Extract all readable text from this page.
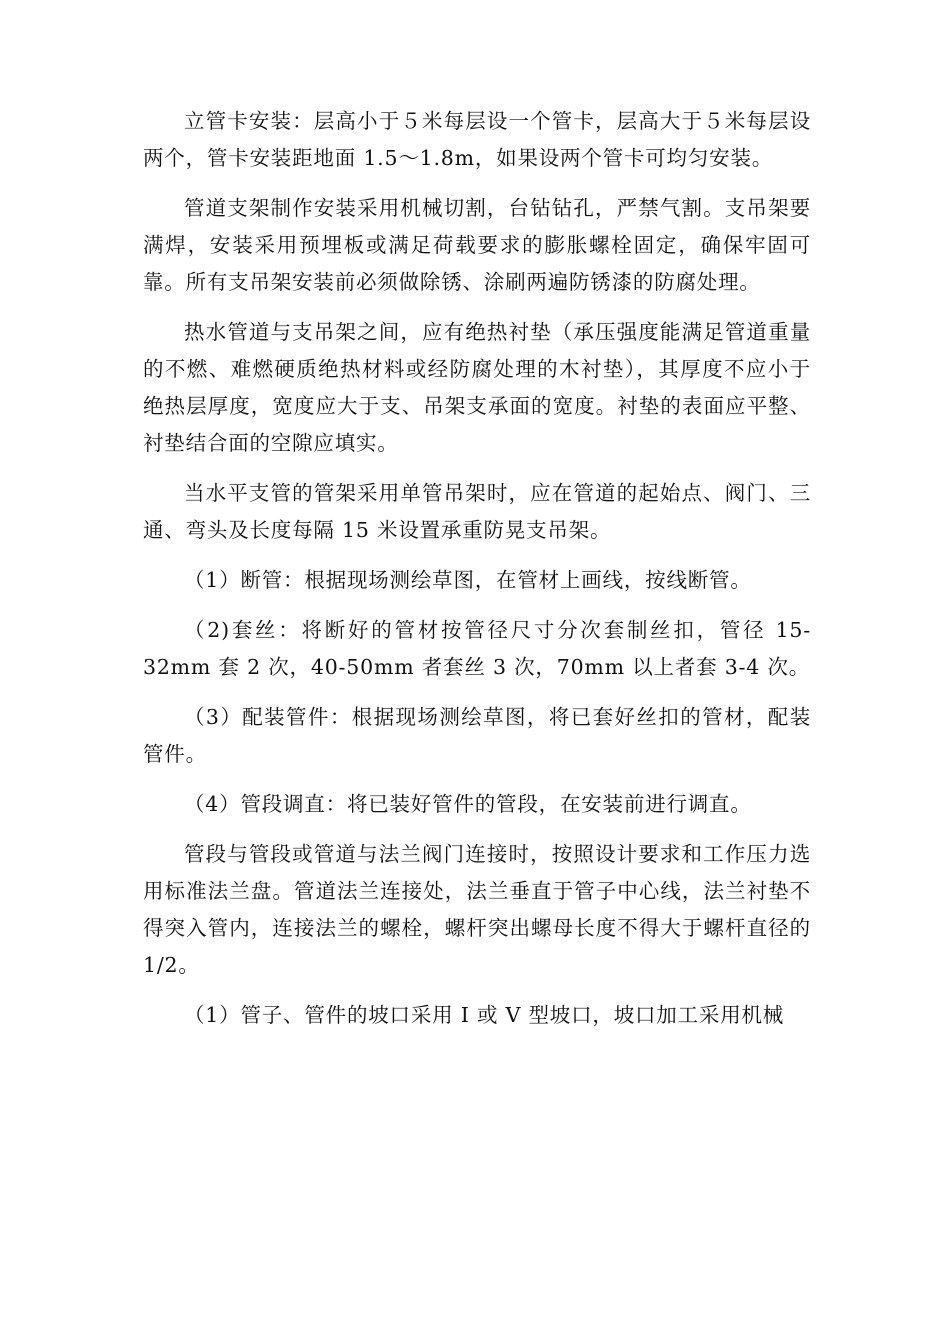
立管卡安装：层高小于５米每层设一个管卡，层高大于５米每层设两个，管卡安装距地面 1.5～1.8m，如果设两个管卡可均匀安装。

管道支架制作安装采用机械切割，台钻钻孔，严禁气割。支吊架要满焊，安装采用预埋板或满足荷载要求的膨胀螺栓固定，确保牢固可靠。所有支吊架安装前必须做除锈、涂刷两遍防锈漆的防腐处理。

热水管道与支吊架之间，应有绝热衬垫（承压强度能满足管道重量的不燃、难燃硬质绝热材料或经防腐处理的木衬垫），其厚度不应小于绝热层厚度，宽度应大于支、吊架支承面的宽度。衬垫的表面应平整、衬垫结合面的空隙应填实。

当水平支管的管架采用单管吊架时，应在管道的起始点、阀门、三通、弯头及长度每隔 15 米设置承重防晃支吊架。

（1）断管：根据现场测绘草图，在管材上画线，按线断管。

（2)套丝：将断好的管材按管径尺寸分次套制丝扣，管径 15-32mm 套 2 次，40-50mm 者套丝 3 次，70mm 以上者套 3-4 次。

（3）配装管件：根据现场测绘草图，将已套好丝扣的管材，配装管件。

（4）管段调直：将已装好管件的管段，在安装前进行调直。

管段与管段或管道与法兰阀门连接时，按照设计要求和工作压力选用标准法兰盘。管道法兰连接处，法兰垂直于管子中心线，法兰衬垫不得突入管内，连接法兰的螺栓，螺杆突出螺母长度不得大于螺杆直径的 1/2。

（1）管子、管件的坡口采用 I 或 V 型坡口，坡口加工采用机械
